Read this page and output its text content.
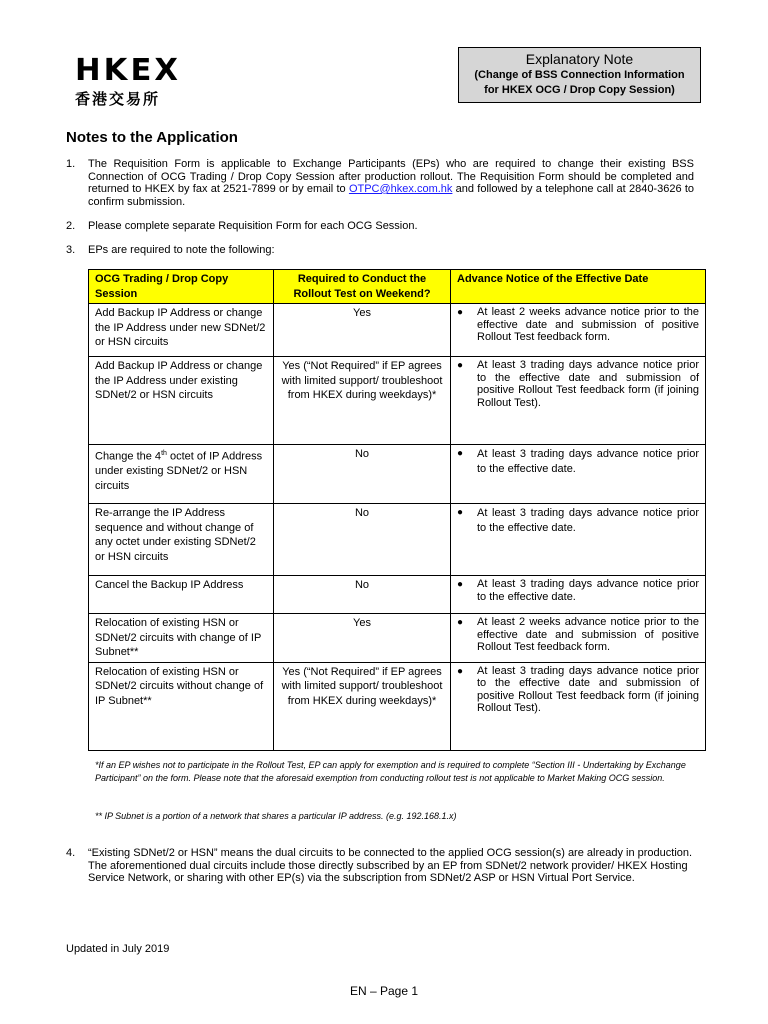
HKEX
香港交易所
Explanatory Note
(Change of BSS Connection Information
for HKEX OCG / Drop Copy Session)
Notes to the Application
1. The Requisition Form is applicable to Exchange Participants (EPs) who are required to change their existing BSS Connection of OCG Trading / Drop Copy Session after production rollout. The Requisition Form should be completed and returned to HKEX by fax at 2521-7899 or by email to OTPC@hkex.com.hk and followed by a telephone call at 2840-3626 to confirm submission.
2. Please complete separate Requisition Form for each OCG Session.
3. EPs are required to note the following:
OCG Trading / Drop Copy Session	Required to Conduct the Rollout Test on Weekend?	Advance Notice of the Effective Date
Add Backup IP Address or change the IP Address under new SDNet/2 or HSN circuits	Yes	● At least 2 weeks advance notice prior to the effective date and submission of positive Rollout Test feedback form.

Add Backup IP Address or change the IP Address under existing SDNet/2 or HSN circuits	Yes (“Not Required” if EP agrees with limited support/ troubleshoot from HKEX during weekdays)*	● At least 3 trading days advance notice prior to the effective date and submission of positive Rollout Test feedback form (if joining Rollout Test).

Change the 4th octet of IP Address under existing SDNet/2 or HSN circuits	No	● At least 3 trading days advance notice prior to the effective date.

Re-arrange the IP Address sequence and without change of any octet under existing SDNet/2 or HSN circuits	No	● At least 3 trading days advance notice prior to the effective date.

Cancel the Backup IP Address	No	● At least 3 trading days advance notice prior to the effective date.

Relocation of existing HSN or SDNet/2 circuits with change of IP Subnet**	Yes	● At least 2 weeks advance notice prior to the effective date and submission of positive Rollout Test feedback form.

Relocation of existing HSN or SDNet/2 circuits without change of IP Subnet**	Yes (“Not Required” if EP agrees with limited support/ troubleshoot from HKEX during weekdays)*	● At least 3 trading days advance notice prior to the effective date and submission of positive Rollout Test feedback form (if joining Rollout Test).
*If an EP wishes not to participate in the Rollout Test, EP can apply for exemption and is required to complete “Section III - Undertaking by Exchange Participant” on the form. Please note that the aforesaid exemption from conducting rollout test is not applicable to Market Making OCG session.
** IP Subnet is a portion of a network that shares a particular IP address. (e.g. 192.168.1.x)
4. “Existing SDNet/2 or HSN” means the dual circuits to be connected to the applied OCG session(s) are already in production. The aforementioned dual circuits include those directly subscribed by an EP from SDNet/2 network provider/ HKEX Hosting Service Network, or sharing with other EP(s) via the subscription from SDNet/2 ASP or HSN Virtual Port Service.
Updated in July 2019
EN – Page 1
